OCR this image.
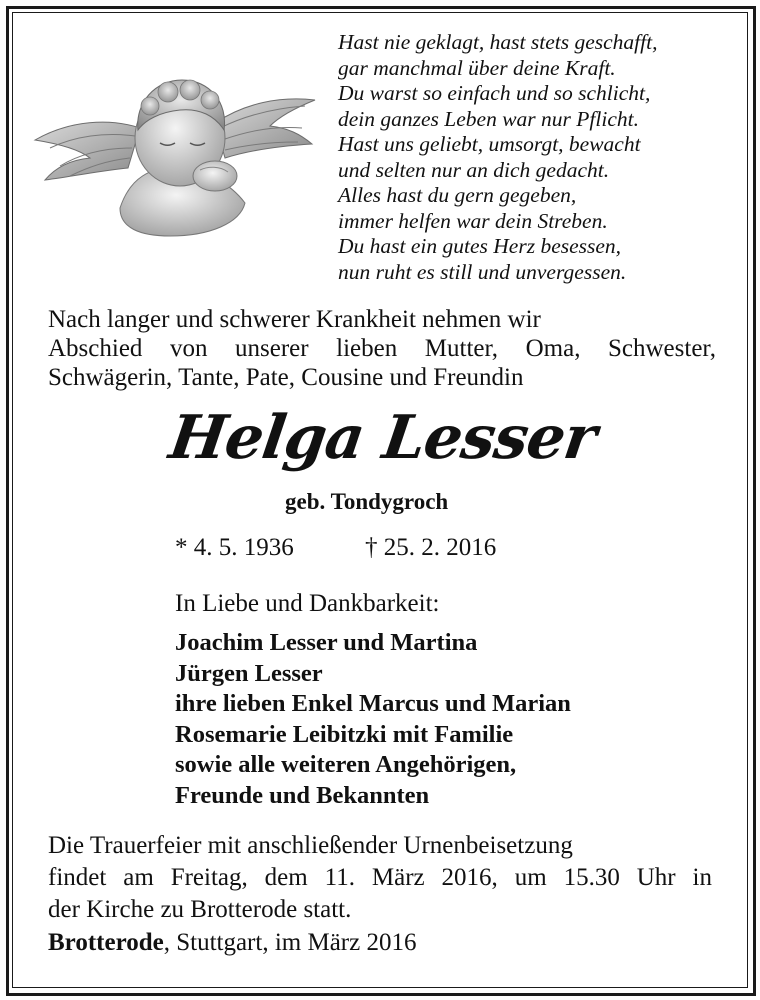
Hast nie geklagt, hast stets geschafft,
gar manchmal über deine Kraft.
Du warst so einfach und so schlicht,
dein ganzes Leben war nur Pflicht.
Hast uns geliebt, umsorgt, bewacht
und selten nur an dich gedacht.
Alles hast du gern gegeben,
immer helfen war dein Streben.
Du hast ein gutes Herz besessen,
nun ruht es still und unvergessen.
Nach langer und schwerer Krankheit nehmen wir
Abschied von unserer lieben Mutter, Oma, Schwester,
Schwägerin, Tante, Pate, Cousine und Freundin
Helga Lesser
geb. Tondygroch
* 4. 5. 1936	† 25. 2. 2016
In Liebe und Dankbarkeit:
Joachim Lesser und Martina
Jürgen Lesser
ihre lieben Enkel Marcus und Marian
Rosemarie Leibitzki mit Familie
sowie alle weiteren Angehörigen,
Freunde und Bekannten
Die Trauerfeier mit anschließender Urnenbeisetzung
findet am Freitag, dem 11. März 2016, um 15.30 Uhr in
der Kirche zu Brotterode statt.
Brotterode, Stuttgart, im März 2016
